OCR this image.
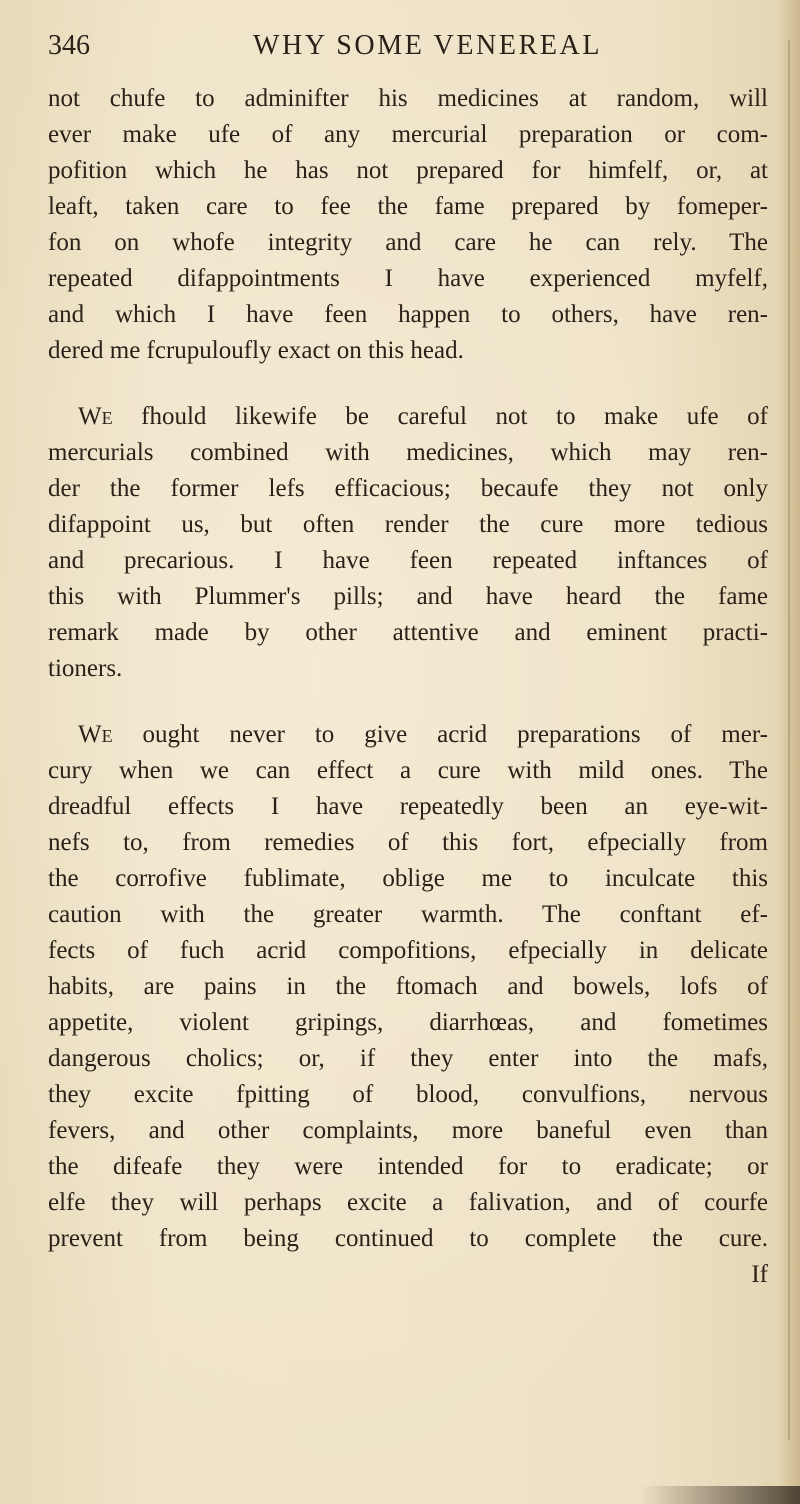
346	WHY SOME VENEREAL
not chufe to adminifter his medicines at random, will
ever make ufe of any mercurial preparation or com-
pofition which he has not prepared for himfelf, or, at
leaft, taken care to fee the fame prepared by fomeper-
fon on whofe integrity and care he can rely. The
repeated difappointments I have experienced myfelf,
and which I have feen happen to others, have ren-
dered me fcrupuloufly exact on this head.
We fhould likewife be careful not to make ufe of
mercurials combined with medicines, which may ren-
der the former lefs efficacious; becaufe they not only
difappoint us, but often render the cure more tedious
and precarious. I have feen repeated inftances of
this with Plummer's pills; and have heard the fame
remark made by other attentive and eminent practi-
tioners.
We ought never to give acrid preparations of mer-
cury when we can effect a cure with mild ones. The
dreadful effects I have repeatedly been an eye-wit-
nefs to, from remedies of this fort, efpecially from
the corrofive fublimate, oblige me to inculcate this
caution with the greater warmth. The conftant ef-
fects of fuch acrid compofitions, efpecially in delicate
habits, are pains in the ftomach and bowels, lofs of
appetite, violent gripings, diarrhœas, and fometimes
dangerous cholics; or, if they enter into the mafs,
they excite fpitting of blood, convulfions, nervous
fevers, and other complaints, more baneful even than
the difeafe they were intended for to eradicate; or
elfe they will perhaps excite a falivation, and of courfe
prevent from being continued to complete the cure.
If
